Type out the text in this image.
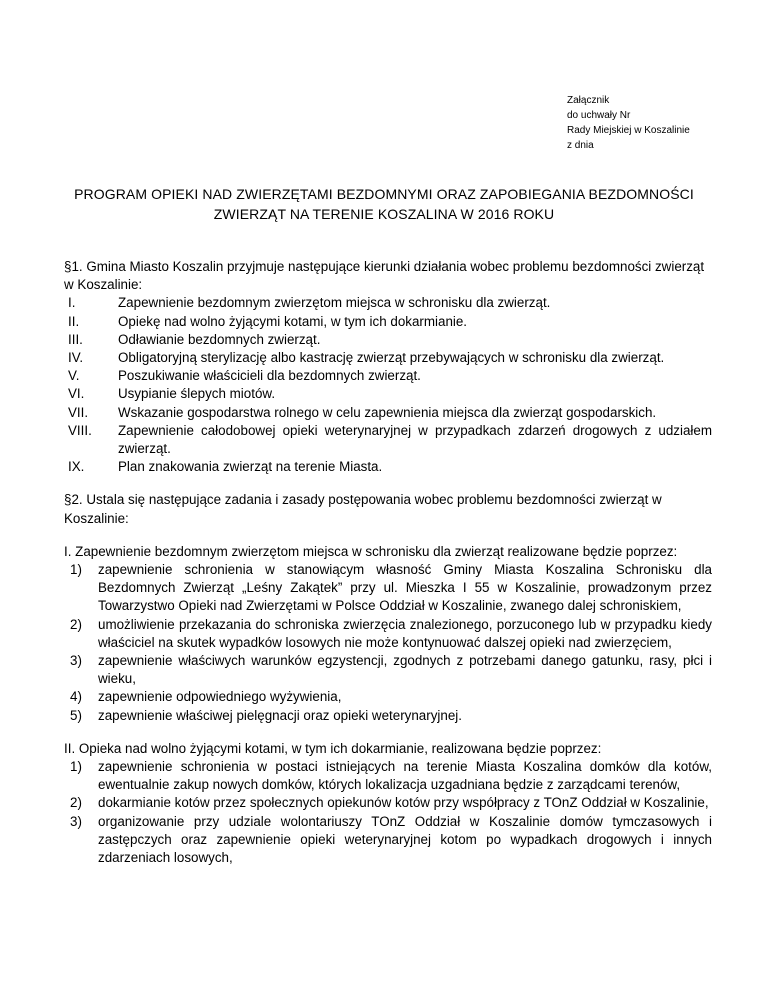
Załącznik
do uchwały Nr
Rady Miejskiej w Koszalinie
z dnia
PROGRAM OPIEKI NAD ZWIERZĘTAMI BEZDOMNYMI ORAZ ZAPOBIEGANIA BEZDOMNOŚCI
ZWIERZĄT NA TERENIE KOSZALINA W 2016 ROKU

§1. Gmina Miasto Koszalin przyjmuje następujące kierunki działania wobec problemu bezdomności zwierząt w Koszalinie:

I.	Zapewnienie bezdomnym zwierzętom miejsca w schronisku dla zwierząt.
II.	Opiekę nad wolno żyjącymi kotami, w tym ich dokarmianie.
III.	Odławianie bezdomnych zwierząt.
IV.	Obligatoryjną sterylizację albo kastrację zwierząt przebywających w schronisku dla zwierząt.
V.	Poszukiwanie właścicieli dla bezdomnych zwierząt.
VI.	Usypianie ślepych miotów.
VII.	Wskazanie gospodarstwa rolnego w celu zapewnienia miejsca dla zwierząt gospodarskich.
VIII.	Zapewnienie całodobowej opieki weterynaryjnej w przypadkach zdarzeń drogowych z udziałem zwierząt.
IX.	Plan znakowania zwierząt na terenie Miasta.

§2. Ustala się następujące zadania i zasady postępowania wobec problemu bezdomności zwierząt w Koszalinie:

I. Zapewnienie bezdomnym zwierzętom miejsca w schronisku dla zwierząt realizowane będzie poprzez:

1)	zapewnienie schronienia w stanowiącym własność Gminy Miasta Koszalina Schronisku dla Bezdomnych Zwierząt „Leśny Zakątek” przy ul. Mieszka I 55 w Koszalinie, prowadzonym przez Towarzystwo Opieki nad Zwierzętami w Polsce Oddział w Koszalinie, zwanego dalej schroniskiem,
2)	umożliwienie przekazania do schroniska zwierzęcia znalezionego, porzuconego lub w przypadku kiedy właściciel na skutek wypadków losowych nie może kontynuować dalszej opieki nad zwierzęciem,
3)	zapewnienie właściwych warunków egzystencji, zgodnych z potrzebami danego gatunku, rasy, płci i wieku,
4)	zapewnienie odpowiedniego wyżywienia,
5)	zapewnienie właściwej pielęgnacji oraz opieki weterynaryjnej.

II. Opieka nad wolno żyjącymi kotami, w tym ich dokarmianie, realizowana będzie poprzez:

1)	zapewnienie schronienia w postaci istniejących na terenie Miasta Koszalina domków dla kotów, ewentualnie zakup nowych domków, których lokalizacja uzgadniana będzie z zarządcami terenów,
2)	dokarmianie kotów przez społecznych opiekunów kotów przy współpracy z TOnZ Oddział w Koszalinie,
3)	organizowanie przy udziale wolontariuszy TOnZ Oddział w Koszalinie domów tymczasowych i zastępczych oraz zapewnienie opieki weterynaryjnej kotom po wypadkach drogowych i innych zdarzeniach losowych,
